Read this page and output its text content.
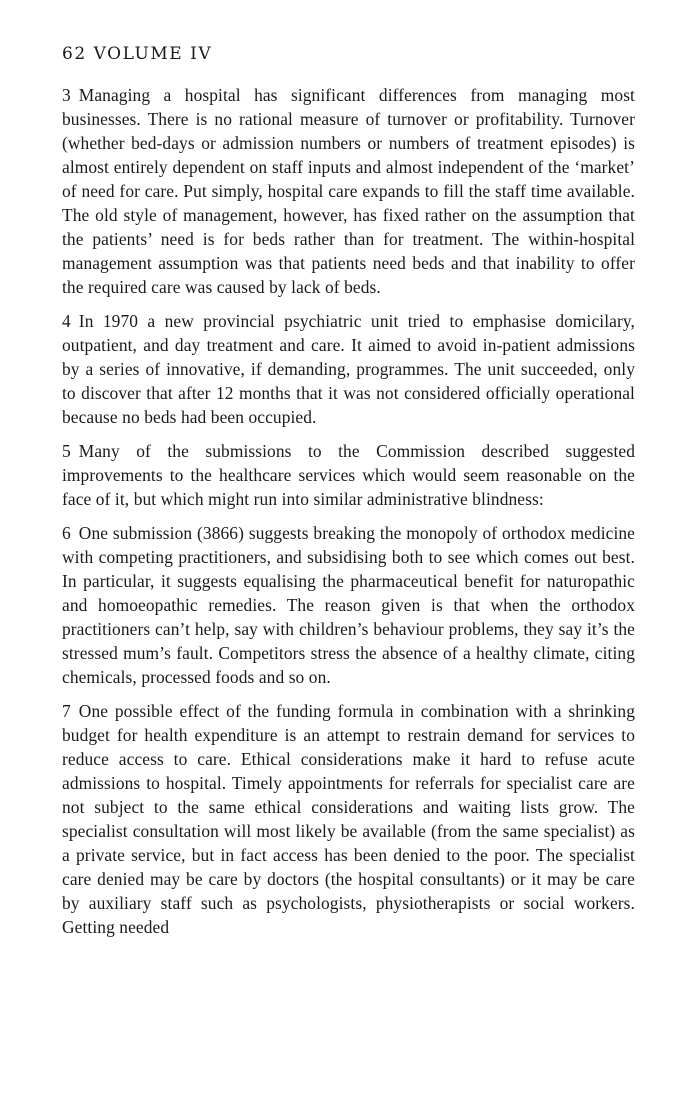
62 VOLUME IV

3 Managing a hospital has significant differences from managing most businesses. There is no rational measure of turnover or profitability. Turnover (whether bed-days or admission numbers or numbers of treatment episodes) is almost entirely dependent on staff inputs and almost independent of the ‘market’ of need for care. Put simply, hospital care expands to fill the staff time available. The old style of management, however, has fixed rather on the assumption that the patients’ need is for beds rather than for treatment. The within-hospital management assumption was that patients need beds and that inability to offer the required care was caused by lack of beds.

4 In 1970 a new provincial psychiatric unit tried to emphasise domicilary, outpatient, and day treatment and care. It aimed to avoid in-patient admissions by a series of innovative, if demanding, programmes. The unit succeeded, only to discover that after 12 months that it was not considered officially operational because no beds had been occupied.

5 Many of the submissions to the Commission described suggested improvements to the healthcare services which would seem reasonable on the face of it, but which might run into similar administrative blindness:

6 One submission (3866) suggests breaking the monopoly of orthodox medicine with competing practitioners, and subsidising both to see which comes out best. In particular, it suggests equalising the pharmaceutical benefit for naturopathic and homoeopathic remedies. The reason given is that when the orthodox practitioners can’t help, say with children’s behaviour problems, they say it’s the stressed mum’s fault. Competitors stress the absence of a healthy climate, citing chemicals, processed foods and so on.

7 One possible effect of the funding formula in combination with a shrinking budget for health expenditure is an attempt to restrain demand for services to reduce access to care. Ethical considerations make it hard to refuse acute admissions to hospital. Timely appointments for referrals for specialist care are not subject to the same ethical considerations and waiting lists grow. The specialist consultation will most likely be available (from the same specialist) as a private service, but in fact access has been denied to the poor. The specialist care denied may be care by doctors (the hospital consultants) or it may be care by auxiliary staff such as psychologists, physiotherapists or social workers. Getting needed
